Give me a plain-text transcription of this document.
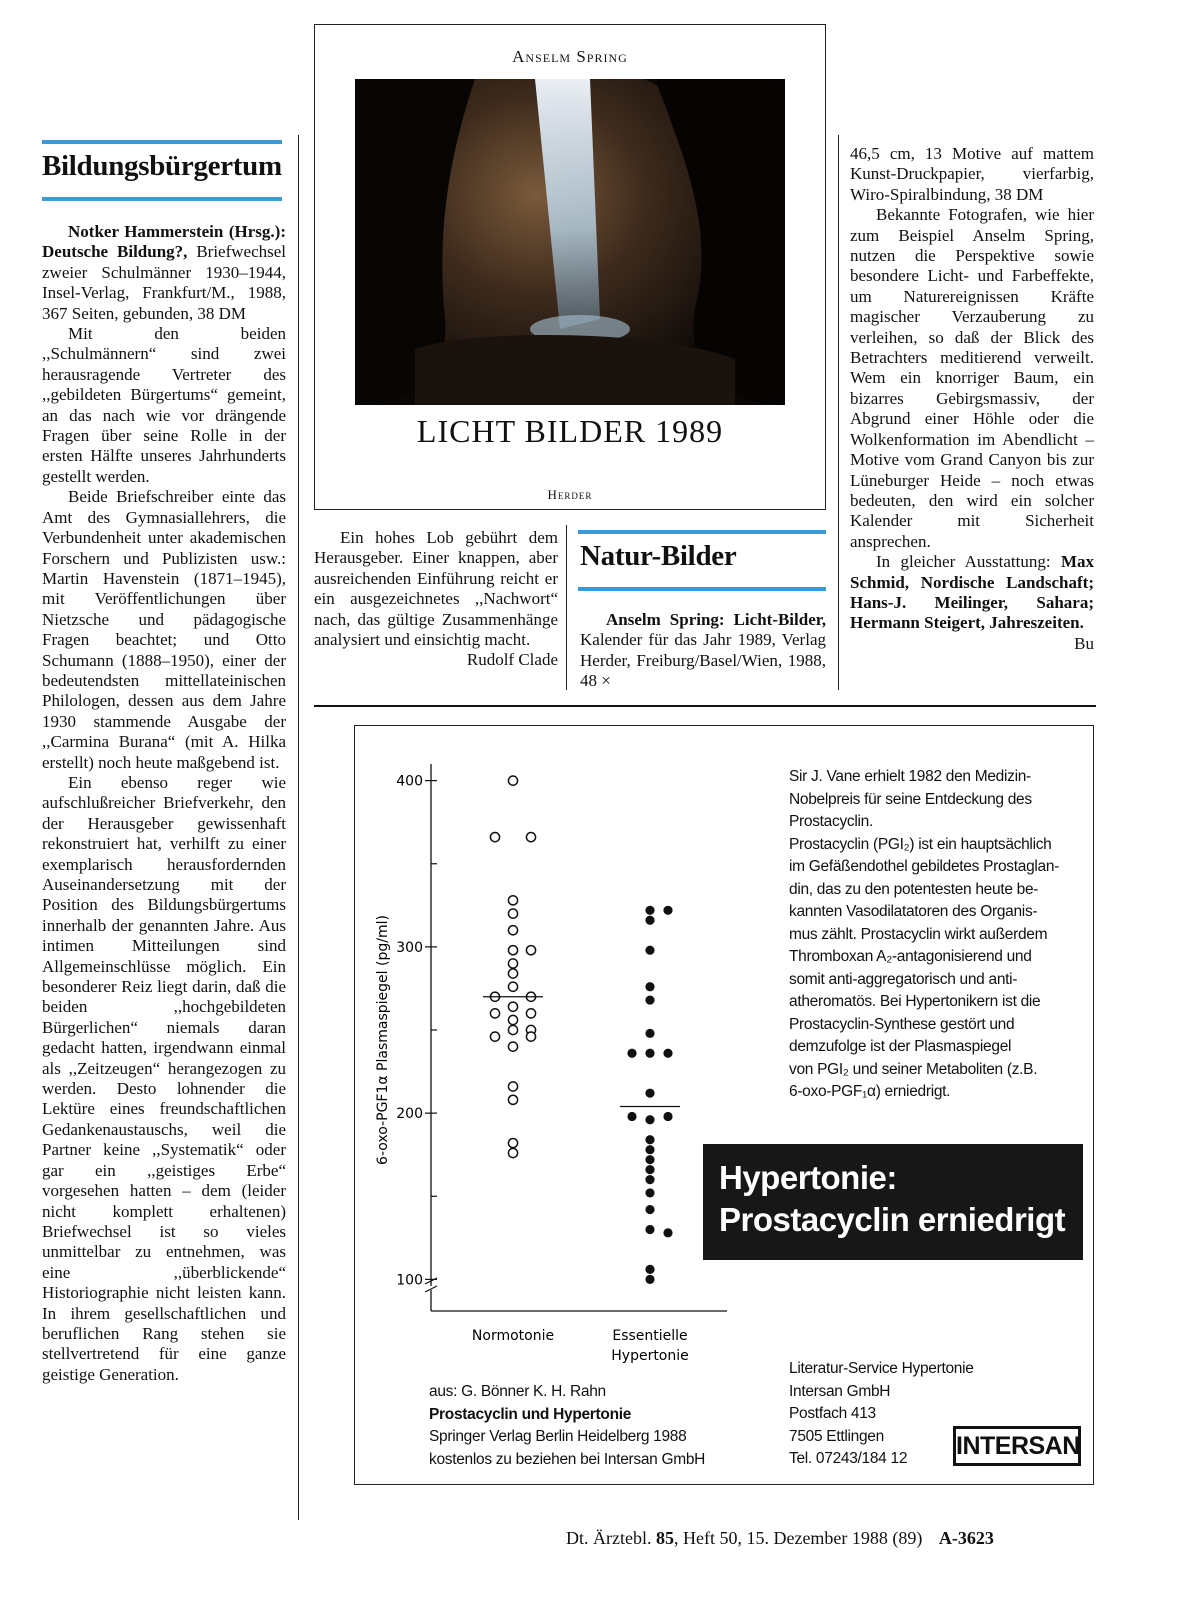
Bildungsbürgertum

Notker Hammerstein (Hrsg.): Deutsche Bildung?, Briefwechsel zweier Schulmänner 1930–1944, Insel-Verlag, Frankfurt/M., 1988, 367 Seiten, gebunden, 38 DM

Mit den beiden ,,Schulmännern“ sind zwei herausragende Vertreter des ,,gebildeten Bürgertums“ gemeint, an das nach wie vor drängende Fragen über seine Rolle in der ersten Hälfte unseres Jahrhunderts gestellt werden.

Beide Briefschreiber einte das Amt des Gymnasiallehrers, die Verbundenheit unter akademischen Forschern und Publizisten usw.: Martin Havenstein (1871–1945), mit Veröffentlichungen über Nietzsche und pädagogische Fragen beachtet; und Otto Schumann (1888–1950), einer der bedeutendsten mittellateinischen Philologen, dessen aus dem Jahre 1930 stammende Ausgabe der ,,Carmina Burana“ (mit A. Hilka erstellt) noch heute maßgebend ist.

Ein ebenso reger wie aufschlußreicher Briefverkehr, den der Herausgeber gewissenhaft rekonstruiert hat, verhilft zu einer exemplarisch herausfordernden Auseinandersetzung mit der Position des Bildungsbürgertums innerhalb der genannten Jahre. Aus intimen Mitteilungen sind Allgemeinschlüsse möglich. Ein besonderer Reiz liegt darin, daß die beiden ,,hochgebildeten Bürgerlichen“ niemals daran gedacht hatten, irgendwann einmal als ,,Zeitzeugen“ herangezogen zu werden. Desto lohnender die Lektüre eines freundschaftlichen Gedankenaustauschs, weil die Partner keine ,,Systematik“ oder gar ein ,,geistiges Erbe“ vorgesehen hatten – dem (leider nicht komplett erhaltenen) Briefwechsel ist so vieles unmittelbar zu entnehmen, was eine ,,überblickende“ Historiographie nicht leisten kann. In ihrem gesellschaftlichen und beruflichen Rang stehen sie stellvertretend für eine ganze geistige Generation.

Anselm Spring
LICHT BILDER 1989
Herder

Ein hohes Lob gebührt dem Herausgeber. Einer knappen, aber ausreichenden Einführung reicht er ein ausgezeichnetes ,,Nachwort“ nach, das gültige Zusammenhänge analysiert und einsichtig macht.
Rudolf Clade

Natur-Bilder

Anselm Spring: Licht-Bilder, Kalender für das Jahr 1989, Verlag Herder, Freiburg/Basel/Wien, 1988, 48 ×

46,5 cm, 13 Motive auf mattem Kunst-Druckpapier, vierfarbig, Wiro-Spiralbindung, 38 DM

Bekannte Fotografen, wie hier zum Beispiel Anselm Spring, nutzen die Perspektive sowie besondere Licht- und Farbeffekte, um Naturereignissen Kräfte magischer Verzauberung zu verleihen, so daß der Blick des Betrachters meditierend verweilt. Wem ein knorriger Baum, ein bizarres Gebirgsmassiv, der Abgrund einer Höhle oder die Wolkenformation im Abendlicht – Motive vom Grand Canyon bis zur Lüneburger Heide – noch etwas bedeuten, den wird ein solcher Kalender mit Sicherheit ansprechen.

In gleicher Ausstattung: Max Schmid, Nordische Landschaft; Hans-J. Meilinger, Sahara; Hermann Steigert, Jahreszeiten.
Bu

100
200
300
400
6-oxo-PGF1α Plasmaspiegel (pg/ml)
Normotonie	Essentielle
Hypertonie
Sir J. Vane erhielt 1982 den Medizin-
Nobelpreis für seine Entdeckung des
Prostacyclin.
Prostacyclin (PGI₂) ist ein hauptsächlich
im Gefäßendothel gebildetes Prostaglan-
din, das zu den potentesten heute be-
kannten Vasodilatatoren des Organis-
mus zählt. Prostacyclin wirkt außerdem
Thromboxan A₂-antagonisierend und
somit anti-aggregatorisch und anti-
atheromatös. Bei Hypertonikern ist die
Prostacyclin-Synthese gestört und
demzufolge ist der Plasmaspiegel
von PGI₂ und seiner Metaboliten (z.B.
6-oxo-PGF₁α) erniedrigt.
Hypertonie:
Prostacyclin erniedrigt
aus: G. Bönner K. H. Rahn
Prostacyclin und Hypertonie
Springer Verlag Berlin Heidelberg 1988
kostenlos zu beziehen bei Intersan GmbH
Literatur-Service Hypertonie
Intersan GmbH
Postfach 413
7505 Ettlingen
Tel. 07243/184 12	INTERSAN
Dt. Ärztebl. 85, Heft 50, 15. Dezember 1988 (89) A-3623
